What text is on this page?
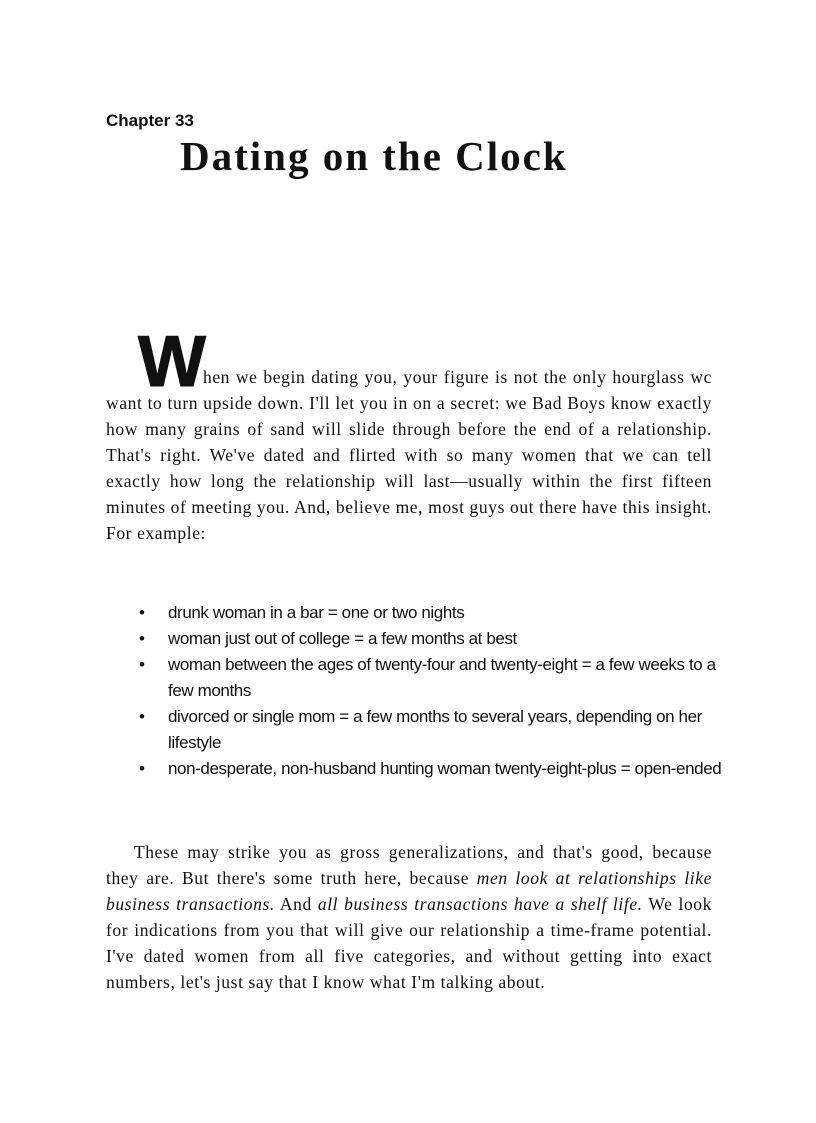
Chapter 33
Dating on the Clock

When we begin dating you, your figure is not the only hourglass wc want to turn upside down. I'll let you in on a secret: we Bad Boys know exactly how many grains of sand will slide through before the end of a relationship. That's right. We've dated and flirted with so many women that we can tell exactly how long the relationship will last—usually within the first fifteen minutes of meeting you. And, believe me, most guys out there have this insight. For example:

• drunk woman in a bar = one or two nights
• woman just out of college = a few months at best
• woman between the ages of twenty-four and twenty-eight = a few weeks to a few months
• divorced or single mom = a few months to several years, depending on her lifestyle
• non-desperate, non-husband hunting woman twenty-eight-plus = open-ended

These may strike you as gross generalizations, and that's good, because they are. But there's some truth here, because men look at relationships like business transactions. And all business transactions have a shelf life. We look for indications from you that will give our relationship a time-frame potential. I've dated women from all five categories, and without getting into exact numbers, let's just say that I know what I'm talking about.
